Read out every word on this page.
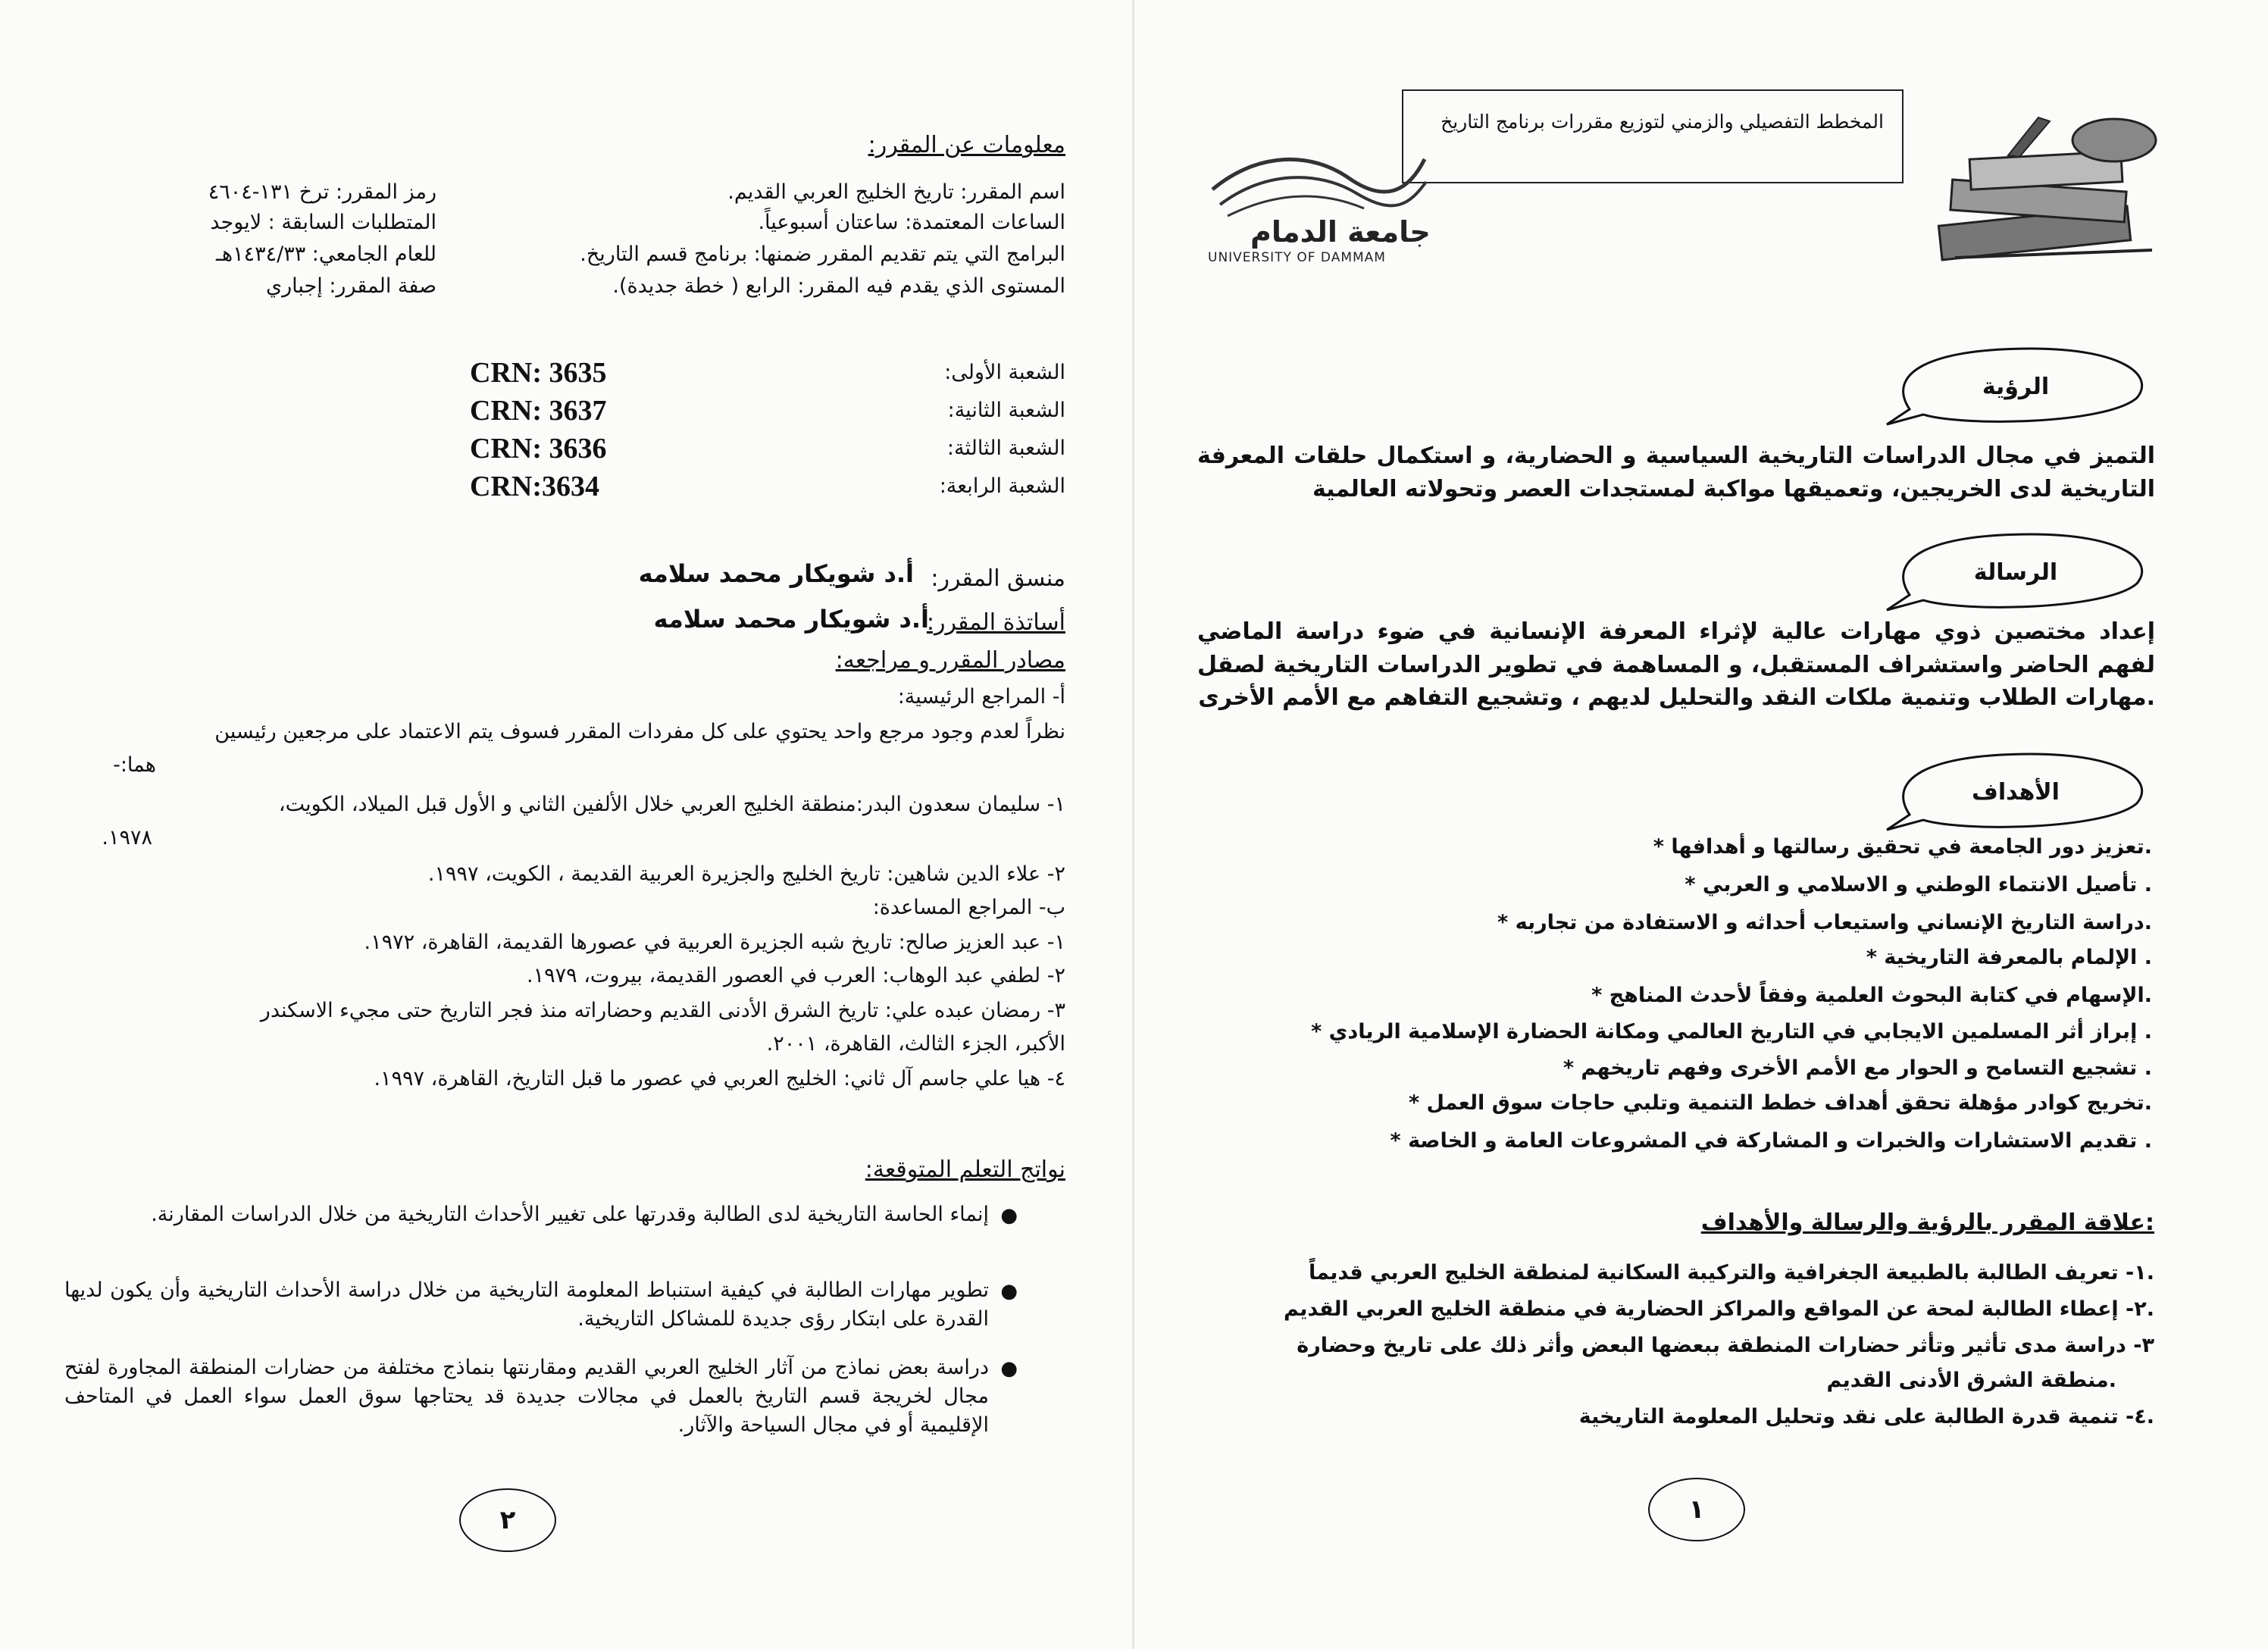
معلومات عن المقرر:
اسم المقرر: تاريخ الخليج العربي القديم.
الساعات المعتمدة: ساعتان أسبوعياً.
البرامج التي يتم تقديم المقرر ضمنها: برنامج قسم التاريخ.
المستوى الذي يقدم فيه المقرر: الرابع ( خطة جديدة).
رمز المقرر: ترخ ١٣١-٤٦٠٤
المتطلبات السابقة : لايوجد
للعام الجامعي: ١٤٣٤/٣٣هـ
صفة المقرر: إجباري
الشعبة الأولى:
CRN: 3635
الشعبة الثانية:
CRN: 3637
الشعبة الثالثة:
CRN: 3636
الشعبة الرابعة:
CRN:3634
منسق المقرر:
أ.د شويكار محمد سلامه
أساتذة المقرر:
أ.د شويكار محمد سلامه
مصادر المقرر و مراجعه:
أ- المراجع الرئيسية:
نظراً لعدم وجود مرجع واحد يحتوي على كل مفردات المقرر فسوف يتم الاعتماد على مرجعين رئيسين
هما:-
١- سليمان سعدون البدر:منطقة الخليج العربي خلال الألفين الثاني و الأول قبل الميلاد، الكويت،
١٩٧٨.
٢- علاء الدين شاهين: تاريخ الخليج والجزيرة العربية القديمة ، الكويت، ١٩٩٧.
ب- المراجع المساعدة:
١- عبد العزيز صالح: تاريخ شبه الجزيرة العربية في عصورها القديمة، القاهرة، ١٩٧٢.
٢- لطفي عبد الوهاب: العرب في العصور القديمة، بيروت، ١٩٧٩.
٣- رمضان عبده علي: تاريخ الشرق الأدنى القديم وحضاراته منذ فجر التاريخ حتى مجيء الاسكندر
الأكبر، الجزء الثالث، القاهرة، ٢٠٠١.
٤- هيا علي جاسم آل ثاني: الخليج العربي في عصور ما قبل التاريخ، القاهرة، ١٩٩٧.
نواتج التعلم المتوقعة:
●
إنماء الحاسة التاريخية لدى الطالبة وقدرتها على تغيير الأحداث التاريخية من خلال الدراسات المقارنة.
●
تطوير مهارات الطالبة في كيفية استنباط المعلومة التاريخية من خلال دراسة الأحداث التاريخية وأن يكون لديها القدرة على ابتكار رؤى جديدة للمشاكل التاريخية.
●
دراسة بعض نماذج من آثار الخليج العربي القديم ومقارنتها بنماذج مختلفة من حضارات المنطقة المجاورة لفتح مجال لخريجة قسم التاريخ بالعمل في مجالات جديدة قد يحتاجها سوق العمل سواء العمل في المتاحف الإقليمية أو في مجال السياحة والآثار.
٢
المخطط التفصيلي والزمني لتوزيع مقررات برنامج التاريخ
جامعة الدمام
UNIVERSITY OF DAMMAM
الرؤية
التميز في مجال الدراسات التاريخية السياسية و الحضارية، و استكمال حلقات المعرفة التاريخية لدى الخريجين، وتعميقها مواكبة لمستجدات العصر وتحولاته العالمية
الرسالة
إعداد مختصين ذوي مهارات عالية لإثراء المعرفة الإنسانية في ضوء دراسة الماضي لفهم الحاضر واستشراف المستقبل، و المساهمة في تطوير الدراسات التاريخية لصقل مهارات الطلاب وتنمية ملكات النقد والتحليل لديهم ، وتشجيع التفاهم مع الأمم الأخرى.
الأهداف
* تعزيز دور الجامعة في تحقيق رسالتها و أهدافها.
* تأصيل الانتماء الوطني و الاسلامي و العربي .
* دراسة التاريخ الإنساني واستيعاب أحداثه و الاستفادة من تجاربه.
* الإلمام بالمعرفة التاريخية .
* الإسهام في كتابة البحوث العلمية وفقاً لأحدث المناهج.
* إبراز أثر المسلمين الايجابي في التاريخ العالمي ومكانة الحضارة الإسلامية الريادي .
* تشجيع التسامح و الحوار مع الأمم الأخرى وفهم تاريخهم .
* تخريج كوادر مؤهلة تحقق أهداف خطط التنمية وتلبي حاجات سوق العمل.
* تقديم الاستشارات والخبرات و المشاركة في المشروعات العامة و الخاصة .
علاقة المقرر بالرؤية والرسالة والأهداف:
١- تعريف الطالبة بالطبيعة الجغرافية والتركيبة السكانية لمنطقة الخليج العربي قديماً.
٢- إعطاء الطالبة لمحة عن المواقع والمراكز الحضارية في منطقة الخليج العربي القديم.
٣- دراسة مدى تأثير وتأثر حضارات المنطقة ببعضها البعض وأثر ذلك على تاريخ وحضارة
منطقة الشرق الأدنى القديم.
٤- تنمية قدرة الطالبة على نقد وتحليل المعلومة التاريخية.
١
